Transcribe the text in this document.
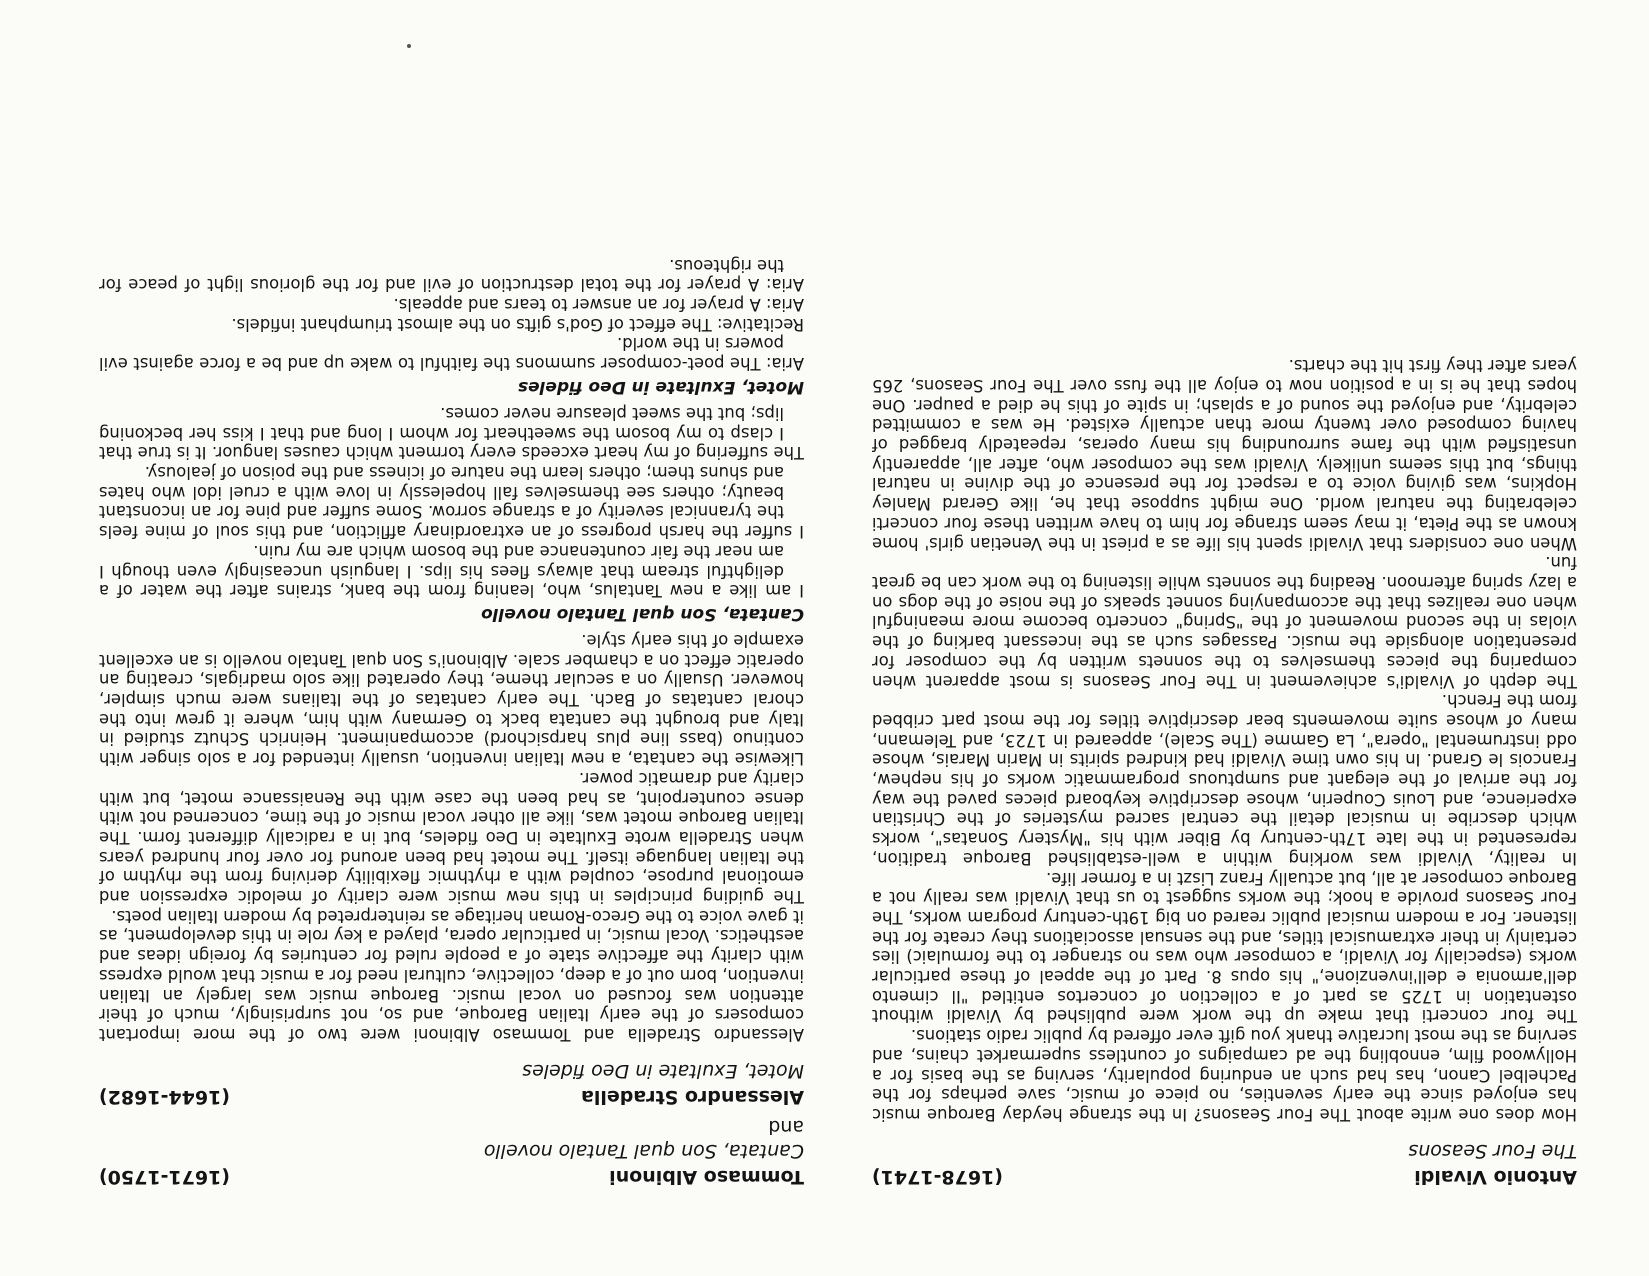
Tommaso Albinoni
(1671-1750)
Cantata, Son qual Tantalo novello
and
Alessandro Stradella
(1644-1682)
Motet, Exultate in Deo fideles

Alessandro Stradella and Tommaso Albinoni were two of the more important composers of the early Italian Baroque, and so, not surprisingly, much of their attention was focused on vocal music. Baroque music was largely an Italian invention, born out of a deep, collective, cultural need for a music that would express with clarity the affective state of a people ruled for centuries by foreign ideas and aesthetics. Vocal music, in particular opera, played a key role in this development, as it gave voice to the Greco-Roman heritage as reinterpreted by modern Italian poets.

The guiding principles in this new music were clarity of melodic expression and emotional purpose, coupled with a rhythmic flexibility deriving from the rhythm of the Italian language itself. The motet had been around for over four hundred years when Stradella wrote Exultate in Deo fideles, but in a radically different form. The Italian Baroque motet was, like all other vocal music of the time, concerned not with dense counterpoint, as had been the case with the Renaissance motet, but with clarity and dramatic power.

Likewise the cantata, a new Italian invention, usually intended for a solo singer with continuo (bass line plus harpsichord) accompaniment. Heinrich Schutz studied in Italy and brought the cantata back to Germany with him, where it grew into the choral cantatas of Bach. The early cantatas of the Italians were much simpler, however. Usually on a secular theme, they operated like solo madrigals, creating an operatic effect on a chamber scale. Albinoni's Son qual Tantalo novello is an excellent example of this early style.

Cantata, Son qual Tantalo novello

I am like a new Tantalus, who, leaning from the bank, strains after the water of a delightful stream that always flees his lips. I languish unceasingly even though I am near the fair countenance and the bosom which are my ruin.

I suffer the harsh progress of an extraordinary affliction, and this soul of mine feels the tyrannical severity of a strange sorrow. Some suffer and pine for an inconstant beauty; others see themselves fall hopelessly in love with a cruel idol who hates and shuns them; others learn the nature of iciness and the poison of jealousy.

The suffering of my heart exceeds every torment which causes languor. It is true that I clasp to my bosom the sweetheart for whom I long and that I kiss her beckoning lips; but the sweet pleasure never comes.

Motet, Exultate in Deo fideles

Aria: The poet-composer summons the faithful to wake up and be a force against evil powers in the world.

Recitative: The effect of God's gifts on the almost triumphant infidels.

Aria: A prayer for an answer to tears and appeals.

Aria: A prayer for the total destruction of evil and for the glorious light of peace for the righteous.

Antonio Vivaldi
(1678-1741)
The Four Seasons

How does one write about The Four Seasons? In the strange heyday Baroque music has enjoyed since the early seventies, no piece of music, save perhaps for the Pachelbel Canon, has had such an enduring popularity, serving as the basis for a Hollywood film, ennobling the ad campaigns of countless supermarket chains, and serving as the most lucrative thank you gift ever offered by public radio stations.

The four concerti that make up the work were published by Vivaldi without ostentation in 1725 as part of a collection of concertos entitled "Il cimento dell'armonia e dell'invenzione," his opus 8. Part of the appeal of these particular works (especially for Vivaldi, a composer who was no stranger to the formulaic) lies certainly in their extramusical titles, and the sensual associations they create for the listener. For a modern musical public reared on big 19th-century program works, The Four Seasons provide a hook; the works suggest to us that Vivaldi was really not a Baroque composer at all, but actually Franz Liszt in a former life.

In reality, Vivaldi was working within a well-established Baroque tradition, represented in the late 17th-century by Biber with his "Mystery Sonatas", works which describe in musical detail the central sacred mysteries of the Christian experience, and Louis Couperin, whose descriptive keyboard pieces paved the way for the arrival of the elegant and sumptuous programmatic works of his nephew, Francois le Grand. In his own time Vivaldi had kindred spirits in Marin Marais, whose odd instrumental "opera", La Gamme (The Scale), appeared in 1723, and Telemann, many of whose suite movements bear descriptive titles for the most part cribbed from the French.

The depth of Vivaldi's achievement in The Four Seasons is most apparent when comparing the pieces themselves to the sonnets written by the composer for presentation alongside the music. Passages such as the incessant barking of the violas in the second movement of the "Spring" concerto become more meaningful when one realizes that the accompanying sonnet speaks of the noise of the dogs on a lazy spring afternoon. Reading the sonnets while listening to the work can be great fun.

When one considers that Vivaldi spent his life as a priest in the Venetian girls' home known as the Pieta, it may seem strange for him to have written these four concerti celebrating the natural world. One might suppose that he, like Gerard Manley Hopkins, was giving voice to a respect for the presence of the divine in natural things, but this seems unlikely. Vivaldi was the composer who, after all, apparently unsatisfied with the fame surrounding his many operas, repeatedly bragged of having composed over twenty more than actually existed. He was a committed celebrity, and enjoyed the sound of a splash; in spite of this he died a pauper. One hopes that he is in a position now to enjoy all the fuss over The Four Seasons, 265 years after they first hit the charts.
